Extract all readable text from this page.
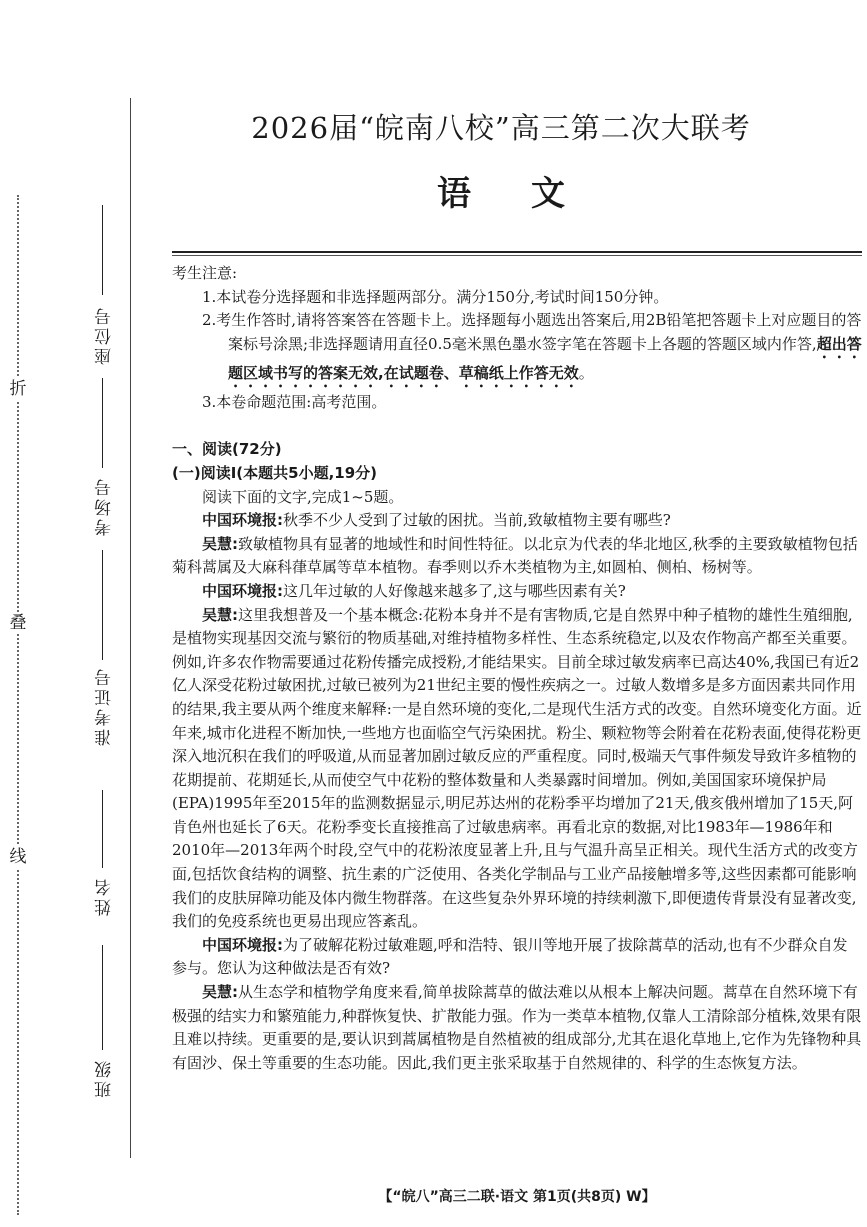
折
叠
线
座位号
考场号
准考证号
姓名
班级
2026届“皖南八校”高三第二次大联考
语文

考生注意:

1.本试卷分选择题和非选择题两部分。满分150分,考试时间150分钟。

2.考生作答时,请将答案答在答题卡上。选择题每小题选出答案后,用2B铅笔把答题卡上对应题目的答案标号涂黑;非选择题请用直径0.5毫米黑色墨水签字笔在答题卡上各题的答题区域内作答,超出答题区域书写的答案无效,在试题卷、草稿纸上作答无效。

3.本卷命题范围:高考范围。

一、阅读(72分)

(一)阅读Ⅰ(本题共5小题,19分)

阅读下面的文字,完成1~5题。

中国环境报:秋季不少人受到了过敏的困扰。当前,致敏植物主要有哪些?

吴慧:致敏植物具有显著的地域性和时间性特征。以北京为代表的华北地区,秋季的主要致敏植物包括菊科蒿属及大麻科葎草属等草本植物。春季则以乔木类植物为主,如圆柏、侧柏、杨树等。

中国环境报:这几年过敏的人好像越来越多了,这与哪些因素有关?

吴慧:这里我想普及一个基本概念:花粉本身并不是有害物质,它是自然界中种子植物的雄性生殖细胞,是植物实现基因交流与繁衍的物质基础,对维持植物多样性、生态系统稳定,以及农作物高产都至关重要。例如,许多农作物需要通过花粉传播完成授粉,才能结果实。目前全球过敏发病率已高达40%,我国已有近2亿人深受花粉过敏困扰,过敏已被列为21世纪主要的慢性疾病之一。过敏人数增多是多方面因素共同作用的结果,我主要从两个维度来解释:一是自然环境的变化,二是现代生活方式的改变。自然环境变化方面。近年来,城市化进程不断加快,一些地方也面临空气污染困扰。粉尘、颗粒物等会附着在花粉表面,使得花粉更深入地沉积在我们的呼吸道,从而显著加剧过敏反应的严重程度。同时,极端天气事件频发导致许多植物的花期提前、花期延长,从而使空气中花粉的整体数量和人类暴露时间增加。例如,美国国家环境保护局(EPA)1995年至2015年的监测数据显示,明尼苏达州的花粉季平均增加了21天,俄亥俄州增加了15天,阿肯色州也延长了6天。花粉季变长直接推高了过敏患病率。再看北京的数据,对比1983年—1986年和2010年—2013年两个时段,空气中的花粉浓度显著上升,且与气温升高呈正相关。现代生活方式的改变方面,包括饮食结构的调整、抗生素的广泛使用、各类化学制品与工业产品接触增多等,这些因素都可能影响我们的皮肤屏障功能及体内微生物群落。在这些复杂外界环境的持续刺激下,即便遗传背景没有显著改变,我们的免疫系统也更易出现应答紊乱。

中国环境报:为了破解花粉过敏难题,呼和浩特、银川等地开展了拔除蒿草的活动,也有不少群众自发参与。您认为这种做法是否有效?

吴慧:从生态学和植物学角度来看,简单拔除蒿草的做法难以从根本上解决问题。蒿草在自然环境下有极强的结实力和繁殖能力,种群恢复快、扩散能力强。作为一类草本植物,仅靠人工清除部分植株,效果有限且难以持续。更重要的是,要认识到蒿属植物是自然植被的组成部分,尤其在退化草地上,它作为先锋物种具有固沙、保土等重要的生态功能。因此,我们更主张采取基于自然规律的、科学的生态恢复方法。

【“皖八”高三二联·语文 第1页(共8页) W】
